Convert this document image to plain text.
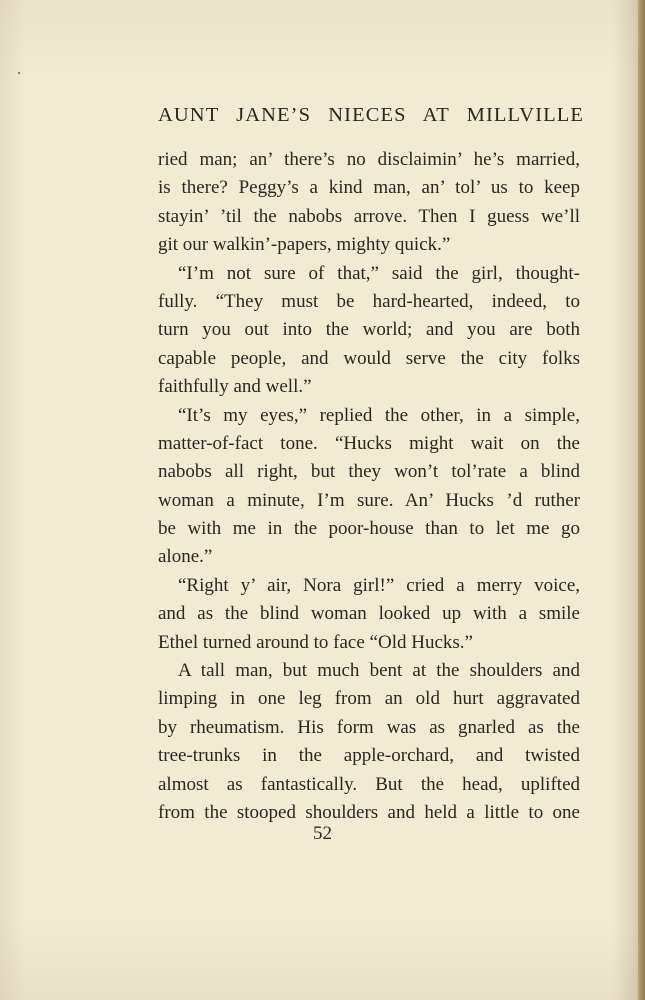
AUNT JANE’S NIECES AT MILLVILLE
ried man; an’ there’s no disclaimin’ he’s married,
is there? Peggy’s a kind man, an’ tol’ us to keep
stayin’ ’til the nabobs arrove. Then I guess we’ll
git our walkin’-papers, mighty quick.”
“I’m not sure of that,” said the girl, thought-
fully. “They must be hard-hearted, indeed, to
turn you out into the world; and you are both
capable people, and would serve the city folks
faithfully and well.”
“It’s my eyes,” replied the other, in a simple,
matter-of-fact tone. “Hucks might wait on the
nabobs all right, but they won’t tol’rate a blind
woman a minute, I’m sure. An’ Hucks ’d ruther
be with me in the poor-house than to let me go
alone.”
“Right y’ air, Nora girl!” cried a merry voice,
and as the blind woman looked up with a smile
Ethel turned around to face “Old Hucks.”
A tall man, but much bent at the shoulders and
limping in one leg from an old hurt aggravated
by rheumatism. His form was as gnarled as the
tree-trunks in the apple-orchard, and twisted
almost as fantastically. But the head, uplifted
from the stooped shoulders and held a little to one
52
